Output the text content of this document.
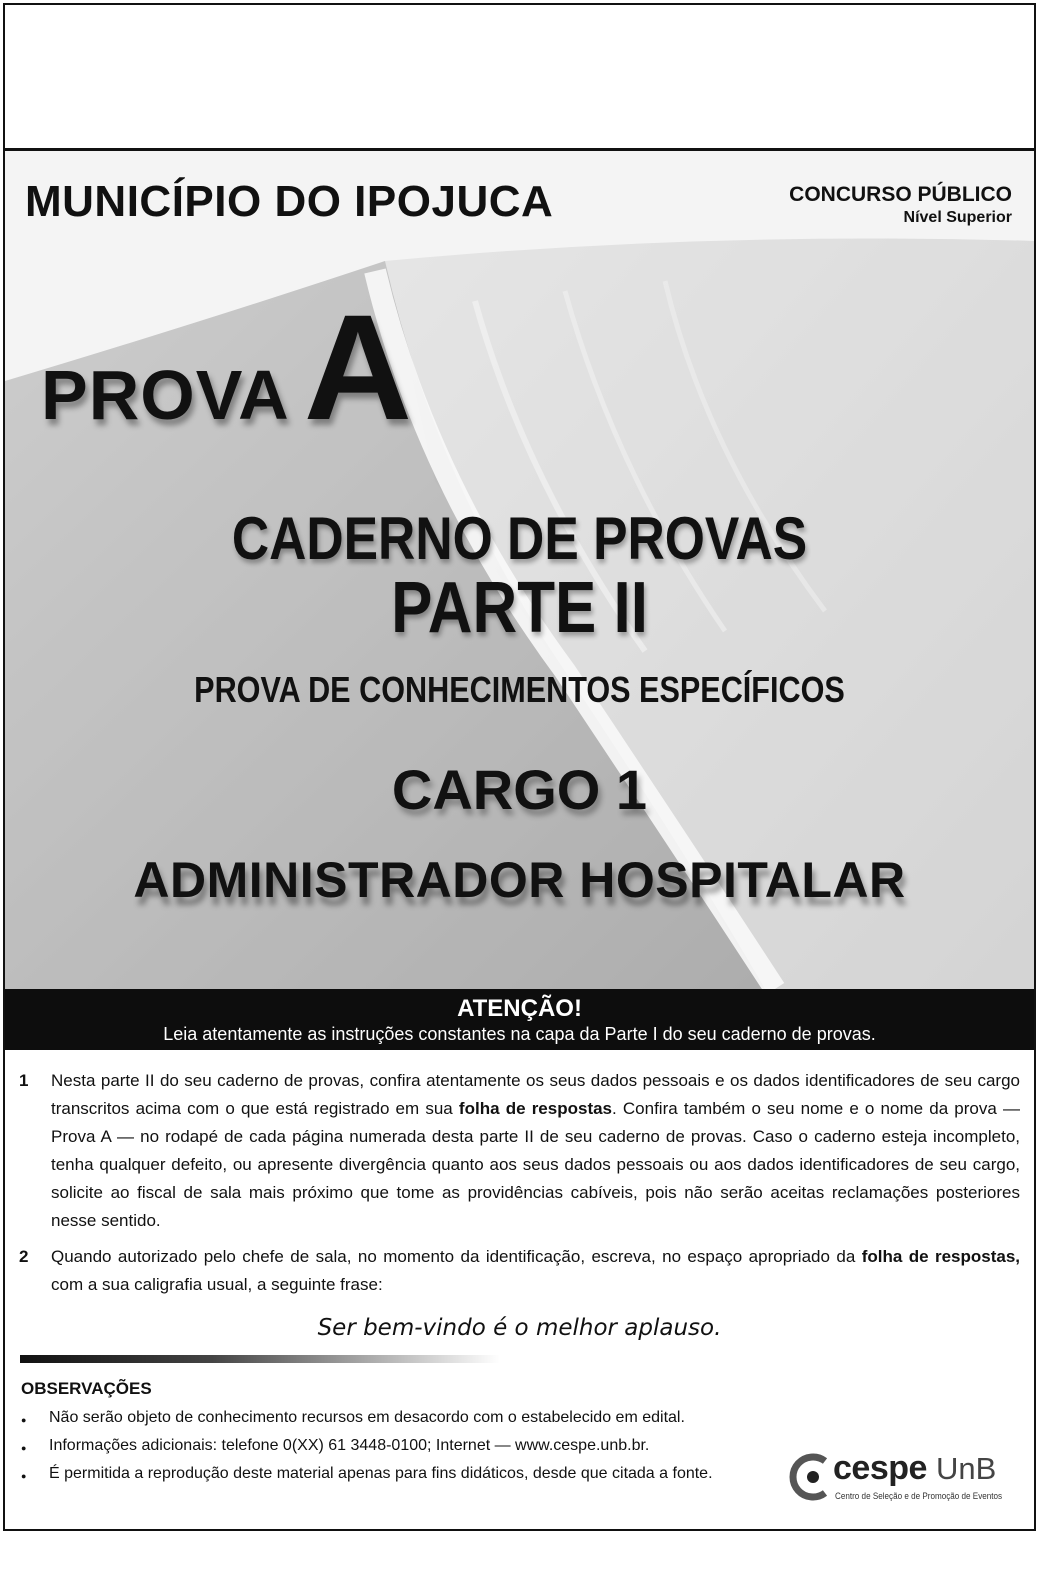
MUNICÍPIO DO IPOJUCA	CONCURSO PÚBLICO
Nível Superior
PROVAA
CADERNO DE PROVAS
PARTE II
PROVA DE CONHECIMENTOS ESPECÍFICOS
CARGO 1
ADMINISTRADOR HOSPITALAR
ATENÇÃO!
Leia atentamente as instruções constantes na capa da Parte I do seu caderno de provas.
1 Nesta parte II do seu caderno de provas, confira atentamente os seus dados pessoais e os dados identificadores de seu cargo transcritos acima com o que está registrado em sua folha de respostas. Confira também o seu nome e o nome da prova — Prova A — no rodapé de cada página numerada desta parte II de seu caderno de provas. Caso o caderno esteja incompleto, tenha qualquer defeito, ou apresente divergência quanto aos seus dados pessoais ou aos dados identificadores de seu cargo, solicite ao fiscal de sala mais próximo que tome as providências cabíveis, pois não serão aceitas reclamações posteriores nesse sentido.
2 Quando autorizado pelo chefe de sala, no momento da identificação, escreva, no espaço apropriado da folha de respostas, com a sua caligrafia usual, a seguinte frase:
Ser bem-vindo é o melhor aplauso.
OBSERVAÇÕES
● Não serão objeto de conhecimento recursos em desacordo com o estabelecido em edital.
● Informações adicionais: telefone 0(XX) 61 3448-0100; Internet — www.cespe.unb.br.
● É permitida a reprodução deste material apenas para fins didáticos, desde que citada a fonte.	cespe UnB
Centro de Seleção e de Promoção de Eventos
